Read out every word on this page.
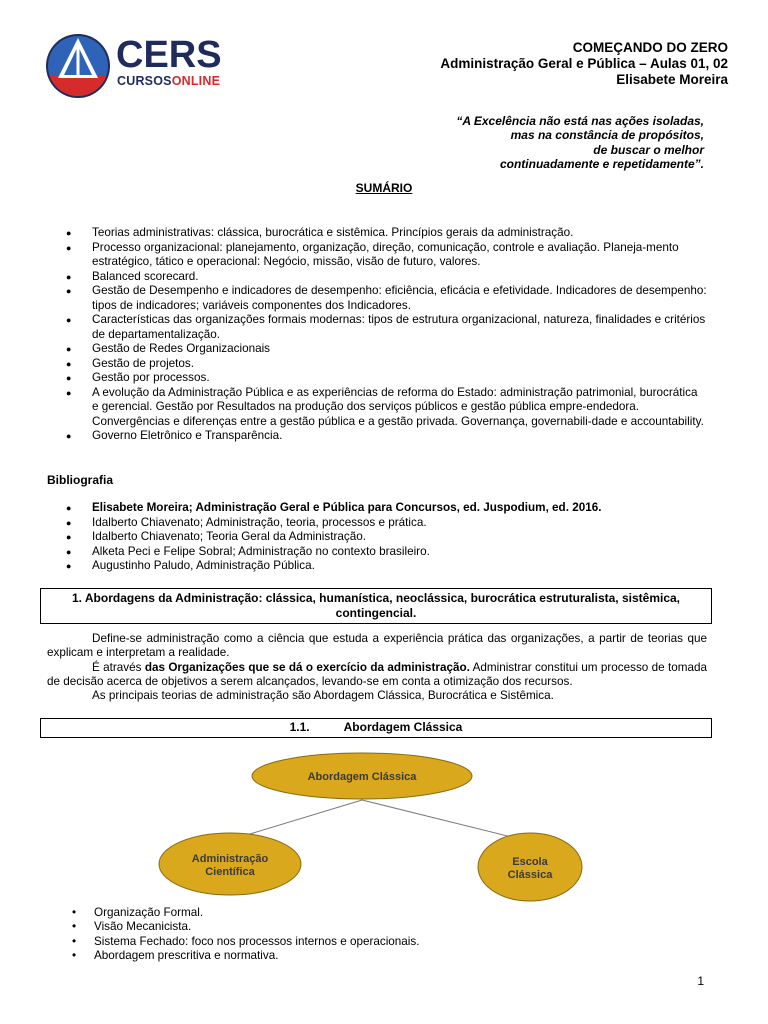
CERS
CURSOSONLINE
COMEÇANDO DO ZERO
Administração Geral e Pública – Aulas 01, 02
Elisabete Moreira
“A Excelência não está nas ações isoladas,
mas na constância de propósitos,
de buscar o melhor
continuadamente e repetidamente”.
SUMÁRIO
● Teorias administrativas: clássica, burocrática e sistêmica. Princípios gerais da administração.
● Processo organizacional: planejamento, organização, direção, comunicação, controle e avaliação. Planeja-mento estratégico, tático e operacional: Negócio, missão, visão de futuro, valores.
● Balanced scorecard.
● Gestão de Desempenho e indicadores de desempenho: eficiência, eficácia e efetividade. Indicadores de desempenho: tipos de indicadores; variáveis componentes dos Indicadores.
● Características das organizações formais modernas: tipos de estrutura organizacional, natureza, finalidades e critérios de departamentalização.
● Gestão de Redes Organizacionais
● Gestão de projetos.
● Gestão por processos.
● A evolução da Administração Pública e as experiências de reforma do Estado: administração patrimonial, burocrática e gerencial. Gestão por Resultados na produção dos serviços públicos e gestão pública empre-endedora. Convergências e diferenças entre a gestão pública e a gestão privada. Governança, governabili-dade e accountability.
● Governo Eletrônico e Transparência.
Bibliografia
● Elisabete Moreira; Administração Geral e Pública para Concursos, ed. Juspodium, ed. 2016.
● Idalberto Chiavenato; Administração, teoria, processos e prática.
● Idalberto Chiavenato; Teoria Geral da Administração.
● Alketa Peci e Felipe Sobral; Administração no contexto brasileiro.
● Augustinho Paludo, Administração Pública.
1. Abordagens da Administração: clássica, humanística, neoclássica, burocrática estruturalista, sistêmica,
contingencial.

Define-se administração como a ciência que estuda a experiência prática das organizações, a partir de teorias que explicam e interpretam a realidade.

É através das Organizações que se dá o exercício da administração. Administrar constitui um processo de tomada de decisão acerca de objetivos a serem alcançados, levando-se em conta a otimização dos recursos.

As principais teorias de administração são Abordagem Clássica, Burocrática e Sistêmica.

1.1.	Abordagem Clássica
Abordagem Clássica
Administração
Científica
Escola
Clássica
• Organização Formal.
• Visão Mecanicista.
• Sistema Fechado: foco nos processos internos e operacionais.
• Abordagem prescritiva e normativa.
1
